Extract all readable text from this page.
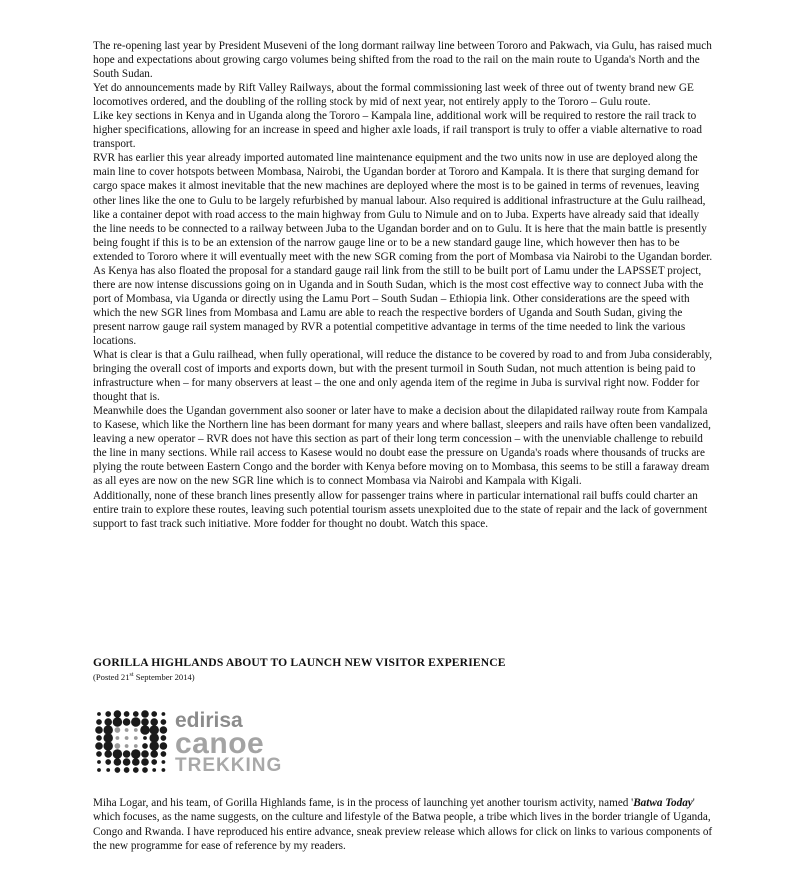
The re-opening last year by President Museveni of the long dormant railway line between Tororo and Pakwach, via Gulu, has raised much hope and expectations about growing cargo volumes being shifted from the road to the rail on the main route to Uganda's North and the South Sudan.

Yet do announcements made by Rift Valley Railways, about the formal commissioning last week of three out of twenty brand new GE locomotives ordered, and the doubling of the rolling stock by mid of next year, not entirely apply to the Tororo – Gulu route.

Like key sections in Kenya and in Uganda along the Tororo – Kampala line, additional work will be required to restore the rail track to higher specifications, allowing for an increase in speed and higher axle loads, if rail transport is truly to offer a viable alternative to road transport.

RVR has earlier this year already imported automated line maintenance equipment and the two units now in use are deployed along the main line to cover hotspots between Mombasa, Nairobi, the Ugandan border at Tororo and Kampala. It is there that surging demand for cargo space makes it almost inevitable that the new machines are deployed where the most is to be gained in terms of revenues, leaving other lines like the one to Gulu to be largely refurbished by manual labour. Also required is additional infrastructure at the Gulu railhead, like a container depot with road access to the main highway from Gulu to Nimule and on to Juba. Experts have already said that ideally the line needs to be connected to a railway between Juba to the Ugandan border and on to Gulu. It is here that the main battle is presently being fought if this is to be an extension of the narrow gauge line or to be a new standard gauge line, which however then has to be extended to Tororo where it will eventually meet with the new SGR coming from the port of Mombasa via Nairobi to the Ugandan border.

As Kenya has also floated the proposal for a standard gauge rail link from the still to be built port of Lamu under the LAPSSET project, there are now intense discussions going on in Uganda and in South Sudan, which is the most cost effective way to connect Juba with the port of Mombasa, via Uganda or directly using the Lamu Port – South Sudan – Ethiopia link. Other considerations are the speed with which the new SGR lines from Mombasa and Lamu are able to reach the respective borders of Uganda and South Sudan, giving the present narrow gauge rail system managed by RVR a potential competitive advantage in terms of the time needed to link the various locations.

What is clear is that a Gulu railhead, when fully operational, will reduce the distance to be covered by road to and from Juba considerably, bringing the overall cost of imports and exports down, but with the present turmoil in South Sudan, not much attention is being paid to infrastructure when – for many observers at least – the one and only agenda item of the regime in Juba is survival right now. Fodder for thought that is.

Meanwhile does the Ugandan government also sooner or later have to make a decision about the dilapidated railway route from Kampala to Kasese, which like the Northern line has been dormant for many years and where ballast, sleepers and rails have often been vandalized, leaving a new operator – RVR does not have this section as part of their long term concession – with the unenviable challenge to rebuild the line in many sections. While rail access to Kasese would no doubt ease the pressure on Uganda's roads where thousands of trucks are plying the route between Eastern Congo and the border with Kenya before moving on to Mombasa, this seems to be still a faraway dream as all eyes are now on the new SGR line which is to connect Mombasa via Nairobi and Kampala with Kigali.

Additionally, none of these branch lines presently allow for passenger trains where in particular international rail buffs could charter an entire train to explore these routes, leaving such potential tourism assets unexploited due to the state of repair and the lack of government support to fast track such initiative. More fodder for thought no doubt. Watch this space.

GORILLA HIGHLANDS ABOUT TO LAUNCH NEW VISITOR EXPERIENCE
(Posted 21st September 2014)
edirisa
canoe
TREKKING

Miha Logar, and his team, of Gorilla Highlands fame, is in the process of launching yet another tourism activity, named 'Batwa Today' which focuses, as the name suggests, on the culture and lifestyle of the Batwa people, a tribe which lives in the border triangle of Uganda, Congo and Rwanda. I have reproduced his entire advance, sneak preview release which allows for click on links to various components of the new programme for ease of reference by my readers.
